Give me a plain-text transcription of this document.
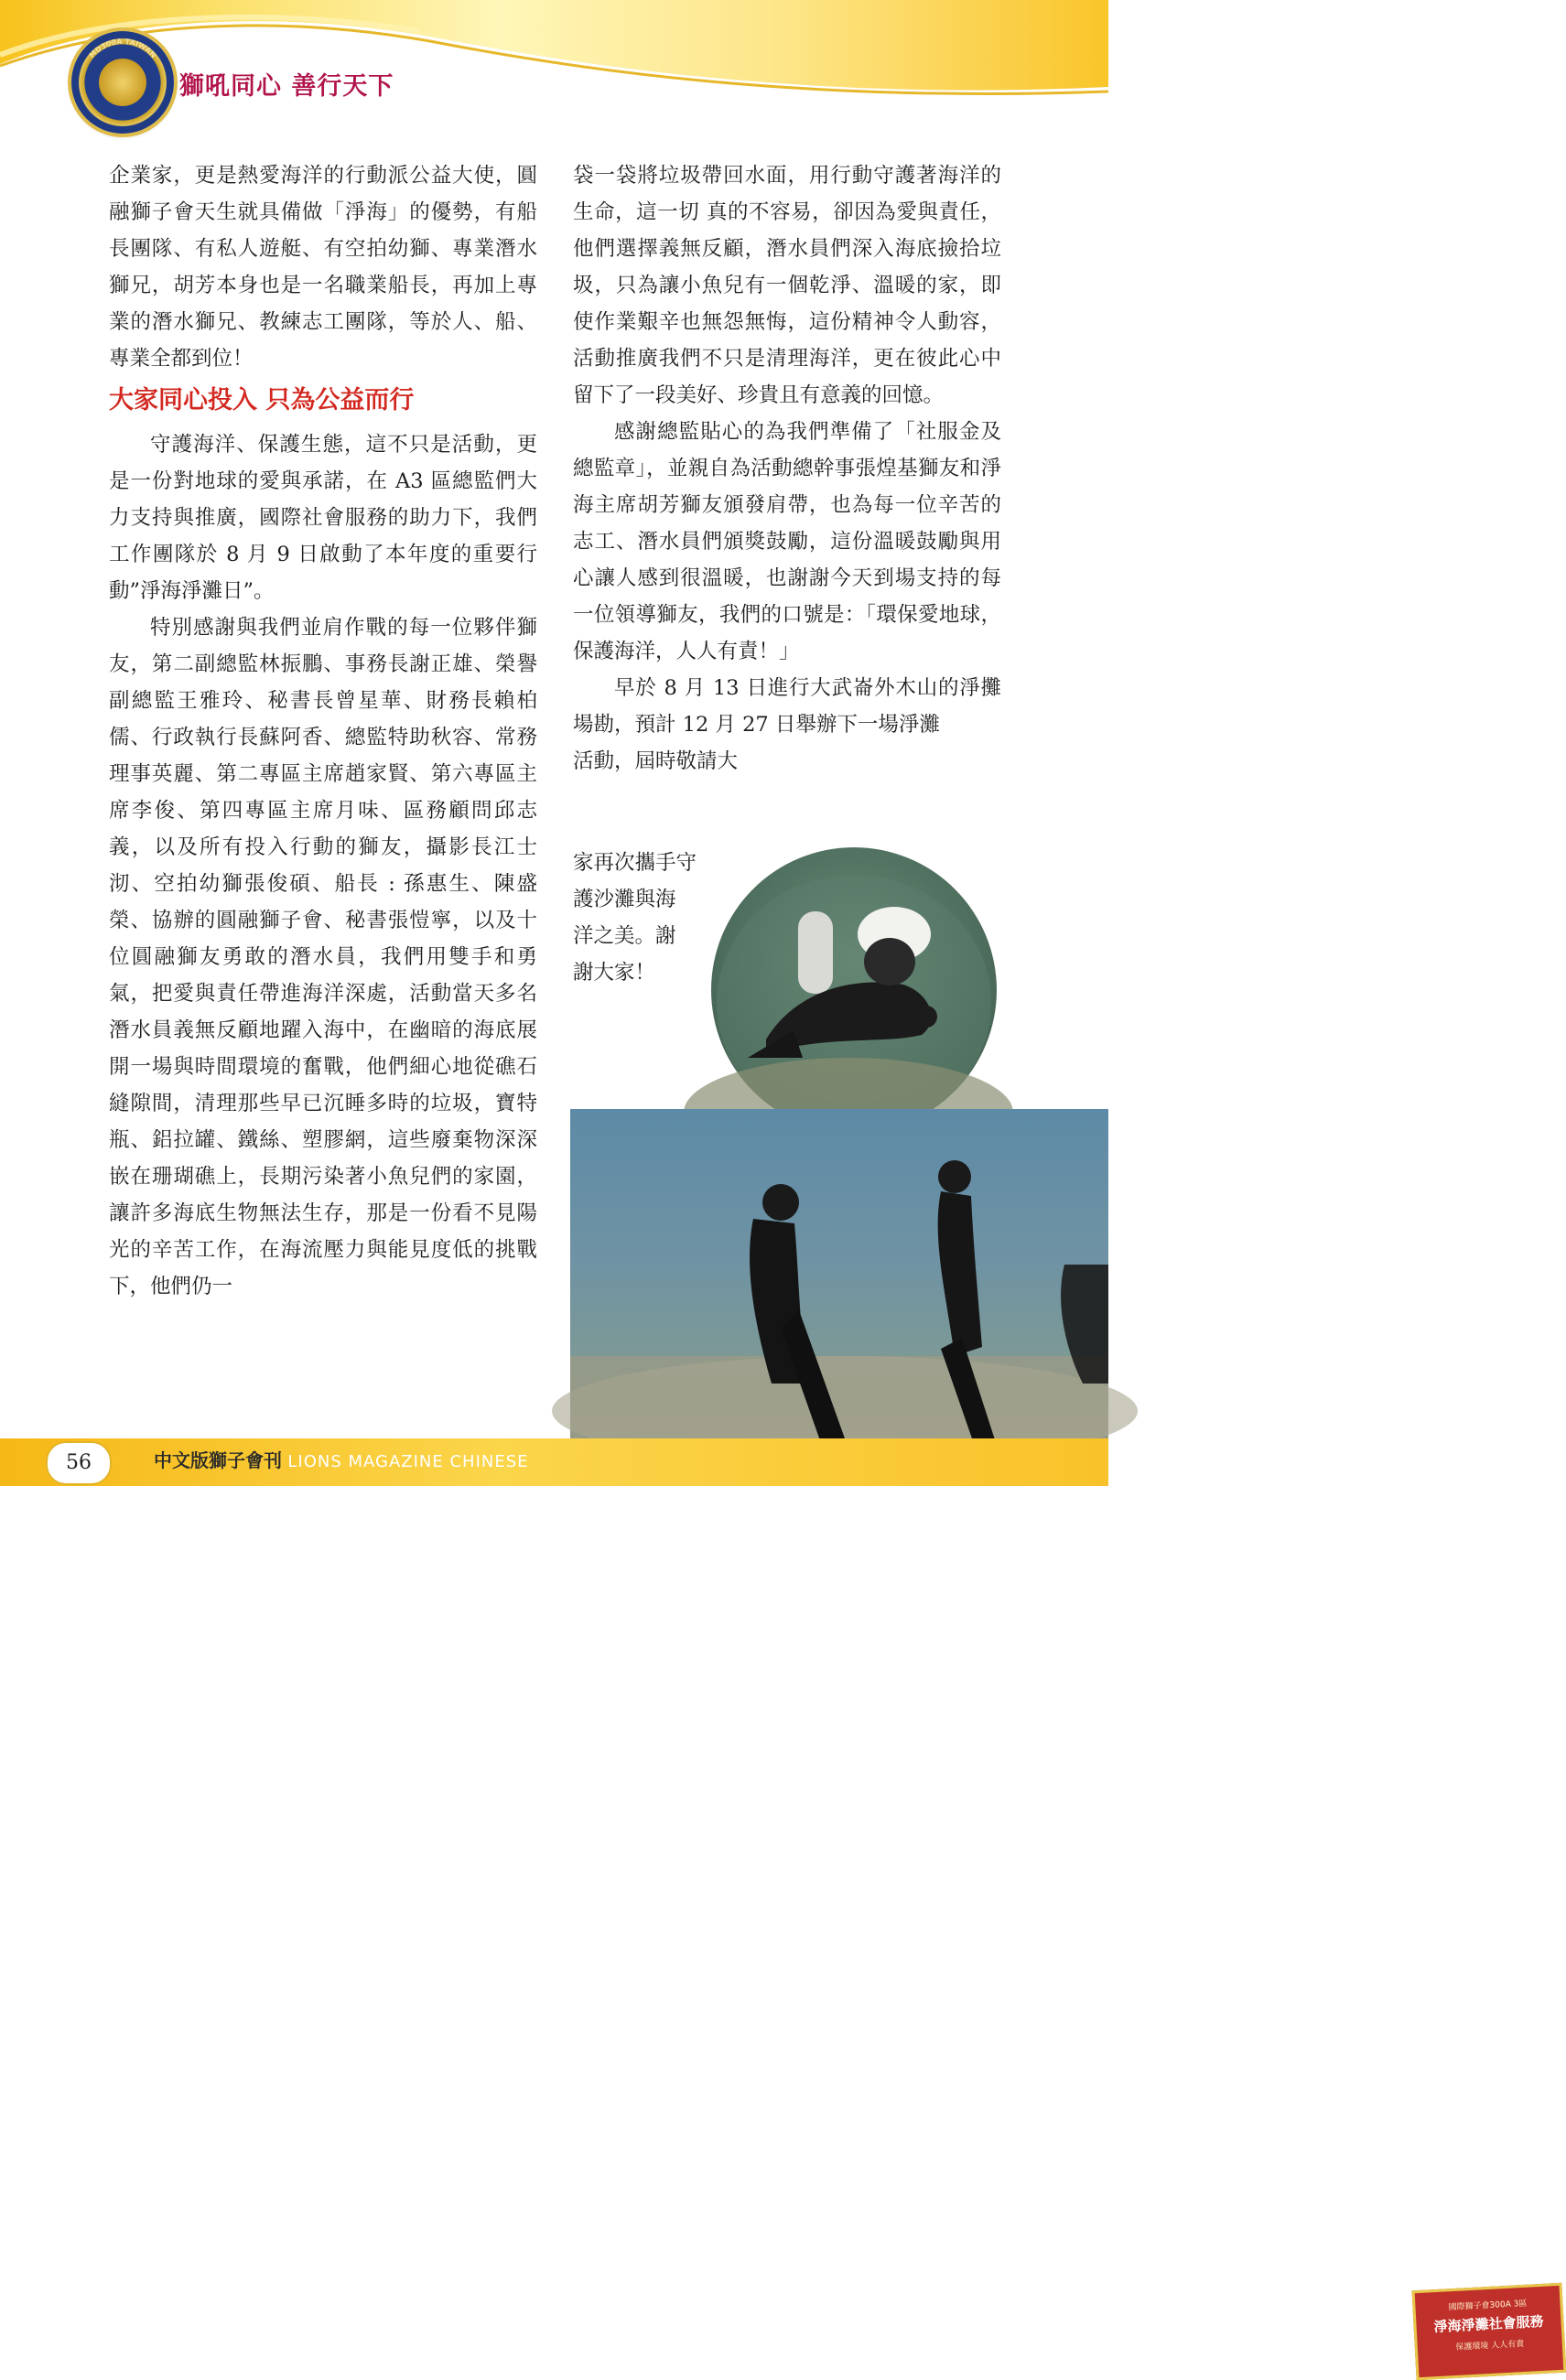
MD300A TAIWAN
獅吼同心 善行天下

企業家，更是熱愛海洋的行動派公益大使，圓融獅子會天生就具備做「淨海」的優勢，有船長團隊、有私人遊艇、有空拍幼獅、專業潛水獅兄，胡芳本身也是一名職業船長，再加上專業的潛水獅兄、教練志工團隊，等於人、船、專業全都到位！

大家同心投入 只為公益而行

守護海洋、保護生態，這不只是活動，更是一份對地球的愛與承諾，在 A3 區總監們大力支持與推廣，國際社會服務的助力下，我們工作團隊於 8 月 9 日啟動了本年度的重要行動”淨海淨灘日”。

特別感謝與我們並肩作戰的每一位夥伴獅友，第二副總監林振鵬、事務長謝正雄、榮譽副總監王雅玲、秘書長曾星華、財務長賴柏儒、行政執行長蘇阿香、總監特助秋容、常務理事英麗、第二專區主席趙家賢、第六專區主席李俊、第四專區主席月味、區務顧問邱志義，以及所有投入行動的獅友，攝影長江士沏、空拍幼獅張俊碩、船長 : 孫惠生、陳盛榮、協辦的圓融獅子會、秘書張愷寧，以及十位圓融獅友勇敢的潛水員，我們用雙手和勇氣，把愛與責任帶進海洋深處，活動當天多名潛水員義無反顧地躍入海中，在幽暗的海底展開一場與時間環境的奮戰，他們細心地從礁石縫隙間，清理那些早已沉睡多時的垃圾，寶特瓶、鋁拉罐、鐵絲、塑膠網，這些廢棄物深深嵌在珊瑚礁上，長期污染著小魚兒們的家園，讓許多海底生物無法生存，那是一份看不見陽光的辛苦工作，在海流壓力與能見度低的挑戰下，他們仍一

袋一袋將垃圾帶回水面，用行動守護著海洋的生命，這一切 真的不容易，卻因為愛與責任，他們選擇義無反顧，潛水員們深入海底撿拾垃圾，只為讓小魚兒有一個乾淨、溫暖的家，即使作業艱辛也無怨無悔，這份精神令人動容，活動推廣我們不只是清理海洋，更在彼此心中留下了一段美好、珍貴且有意義的回憶。

感謝總監貼心的為我們準備了「社服金及總監章」，並親自為活動總幹事張煌基獅友和淨海主席胡芳獅友頒發肩帶，也為每一位辛苦的志工、潛水員們頒獎鼓勵，這份溫暖鼓勵與用心讓人感到很溫暖，也謝謝今天到場支持的每一位領導獅友，我們的口號是：「環保愛地球，保護海洋，人人有責！」

早於 8 月 13 日進行大武崙外木山的淨攤場勘，預計 12 月 27 日舉辦下一場淨灘

活動，屆時敬請大

家再次攜手守

護沙灘與海

洋之美。謝

謝大家！

國際獅子會300A 3區
淨海淨灘社會服務
保護環境 人人有責
56	中文版獅子會刊 LIONS MAGAZINE CHINESE
